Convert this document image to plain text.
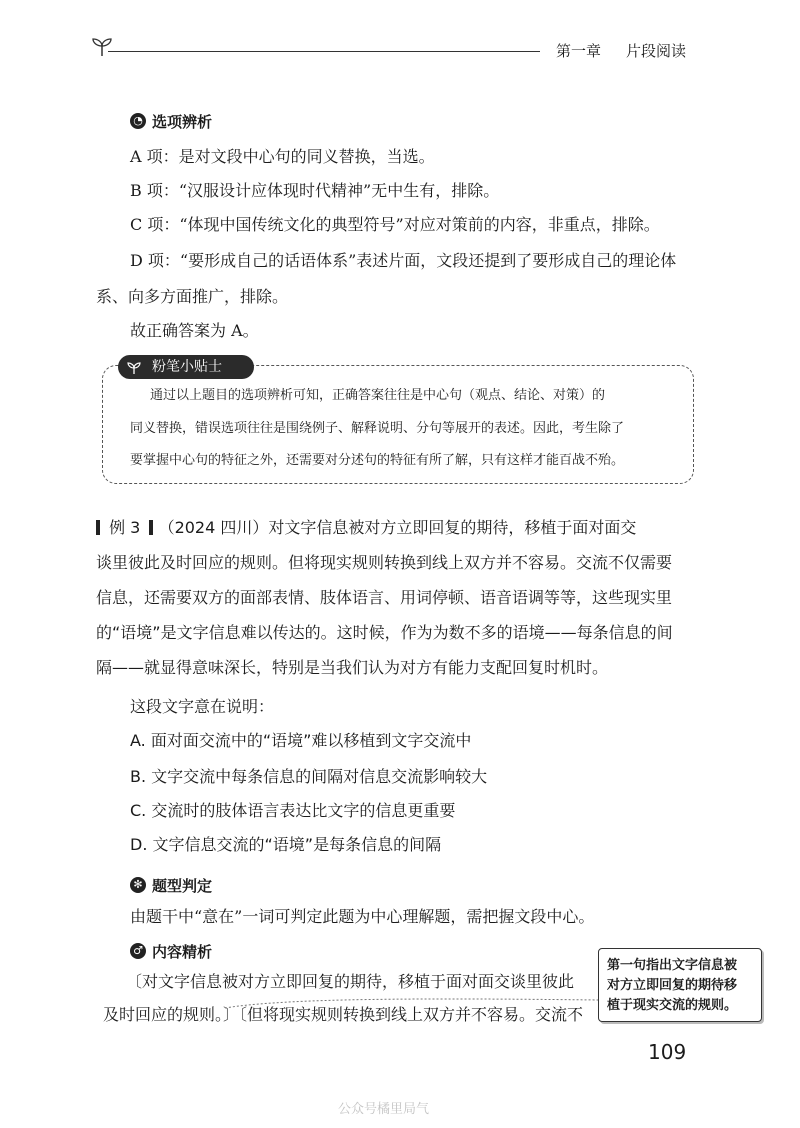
第一章 片段阅读
◔ 选项辨析
A 项：是对文段中心句的同义替换，当选。
B 项：“汉服设计应体现时代精神”无中生有，排除。
C 项：“体现中国传统文化的典型符号”对应对策前的内容，非重点，排除。
D 项：“要形成自己的话语体系”表述片面，文段还提到了要形成自己的理论体
系、向多方面推广，排除。
故正确答案为 A。
粉笔小贴士
通过以上题目的选项辨析可知，正确答案往往是中心句（观点、结论、对策）的
同义替换，错误选项往往是围绕例子、解释说明、分句等展开的表述。因此，考生除了
要掌握中心句的特征之外，还需要对分述句的特征有所了解，只有这样才能百战不殆。
例 3 （2024 四川）对文字信息被对方立即回复的期待，移植于面对面交
谈里彼此及时回应的规则。但将现实规则转换到线上双方并不容易。交流不仅需要
信息，还需要双方的面部表情、肢体语言、用词停顿、语音语调等等，这些现实里
的“语境”是文字信息难以传达的。这时候，作为为数不多的语境——每条信息的间
隔——就显得意味深长，特别是当我们认为对方有能力支配回复时机时。
这段文字意在说明：
A. 面对面交流中的“语境”难以移植到文字交流中
B. 文字交流中每条信息的间隔对信息交流影响较大
C. 交流时的肢体语言表达比文字的信息更重要
D. 文字信息交流的“语境”是每条信息的间隔
✻ 题型判定
由题干中“意在”一词可判定此题为中心理解题，需把握文段中心。
♂ 内容精析
〔对文字信息被对方立即回复的期待，移植于面对面交谈里彼此
及时回应的规则。〕〔但将现实规则转换到线上双方并不容易。交流不
第一句指出文字信息被
对方立即回复的期待移
植于现实交流的规则。
109
公众号橘里局气
